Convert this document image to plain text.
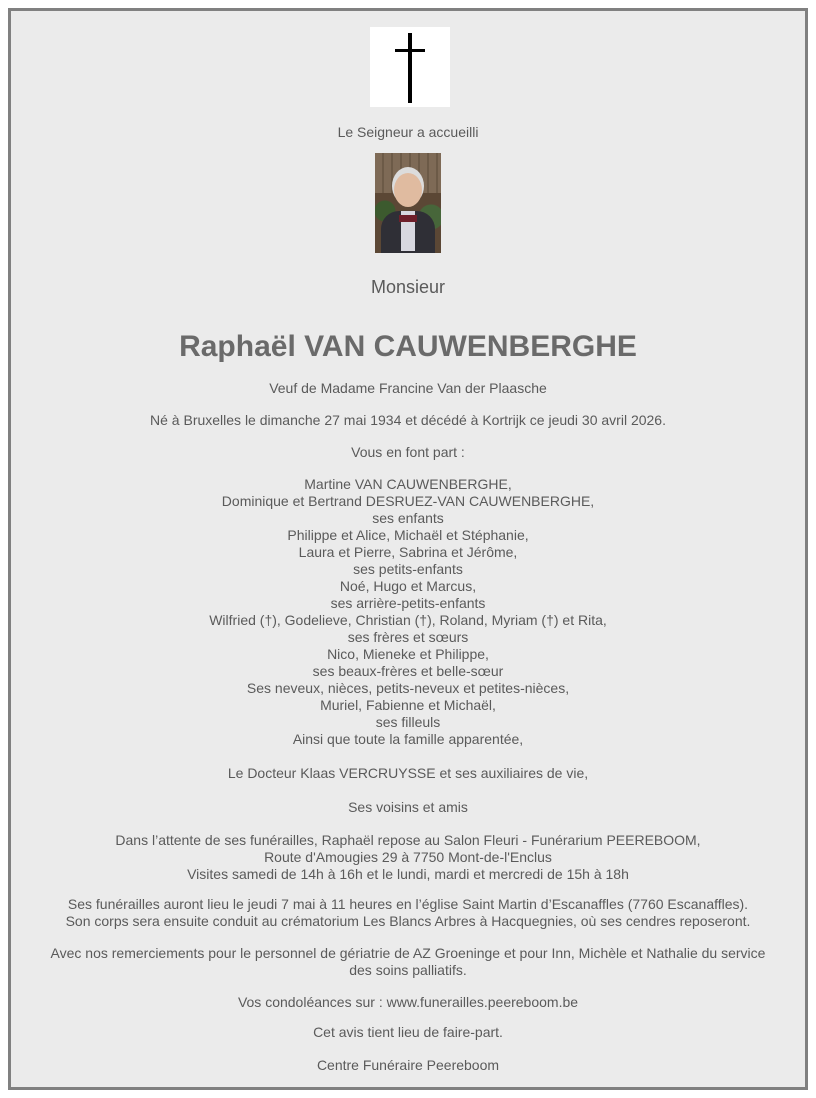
Le Seigneur a accueilli
Monsieur
Raphaël VAN CAUWENBERGHE
Veuf de Madame Francine Van der Plaasche
Né à Bruxelles le dimanche 27 mai 1934 et décédé à Kortrijk ce jeudi 30 avril 2026.
Vous en font part :
Martine VAN CAUWENBERGHE,
Dominique et Bertrand DESRUEZ-VAN CAUWENBERGHE,
ses enfants
Philippe et Alice, Michaël et Stéphanie,
Laura et Pierre, Sabrina et Jérôme,
ses petits-enfants
Noé, Hugo et Marcus,
ses arrière-petits-enfants
Wilfried (†), Godelieve, Christian (†), Roland, Myriam (†) et Rita,
ses frères et sœurs
Nico, Mieneke et Philippe,
ses beaux-frères et belle-sœur
Ses neveux, nièces, petits-neveux et petites-nièces,
Muriel, Fabienne et Michaël,
ses filleuls
Ainsi que toute la famille apparentée,
Le Docteur Klaas VERCRUYSSE et ses auxiliaires de vie,
Ses voisins et amis
Dans l’attente de ses funérailles, Raphaël repose au Salon Fleuri - Funérarium PEEREBOOM,
Route d'Amougies 29 à 7750 Mont-de-l'Enclus
Visites samedi de 14h à 16h et le lundi, mardi et mercredi de 15h à 18h
Ses funérailles auront lieu le jeudi 7 mai à 11 heures en l’église Saint Martin d’Escanaffles (7760 Escanaffles).
Son corps sera ensuite conduit au crématorium Les Blancs Arbres à Hacquegnies, où ses cendres reposeront.
Avec nos remerciements pour le personnel de gériatrie de AZ Groeninge et pour Inn, Michèle et Nathalie du service
des soins palliatifs.
Vos condoléances sur : www.funerailles.peereboom.be
Cet avis tient lieu de faire-part.
Centre Funéraire Peereboom
